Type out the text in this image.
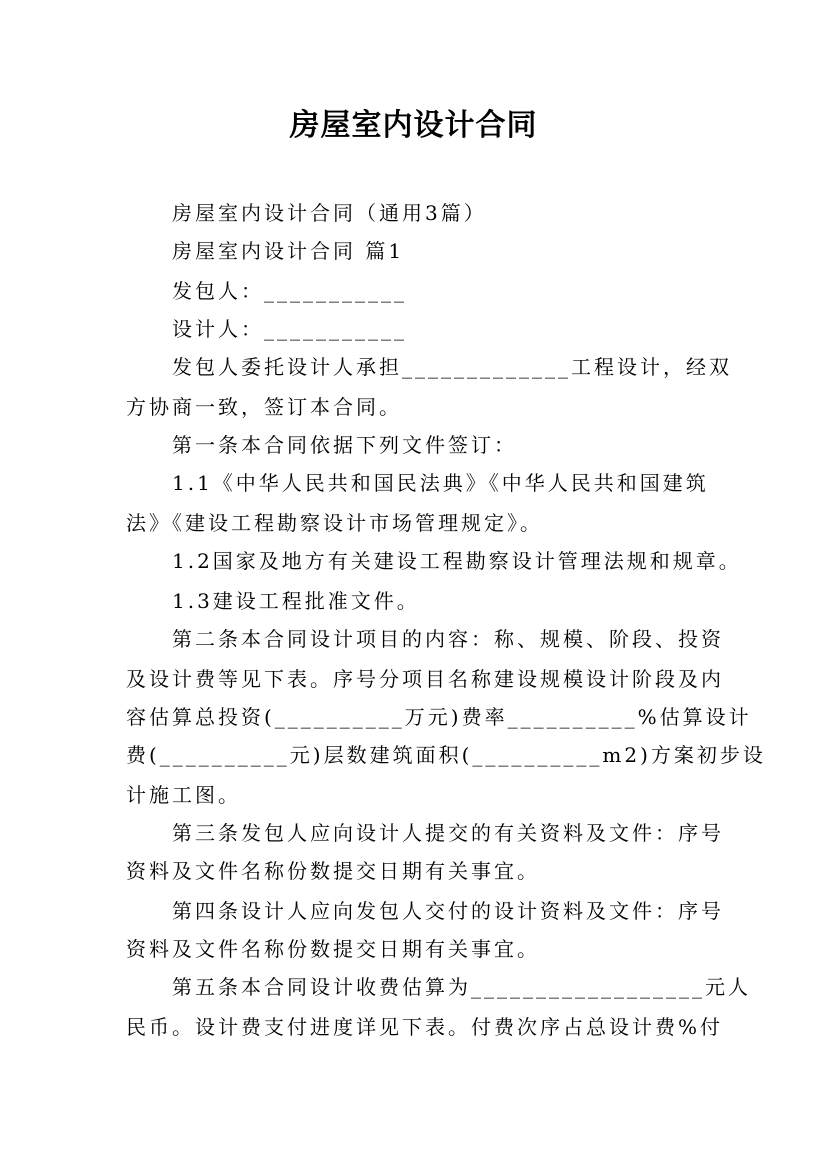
房屋室内设计合同
房屋室内设计合同（通用3篇）
房屋室内设计合同 篇1
发包人：___________
设计人：___________
发包人委托设计人承担_____________工程设计，经双
方协商一致，签订本合同。
第一条本合同依据下列文件签订：
1.1《中华人民共和国民法典》《中华人民共和国建筑
法》《建设工程勘察设计市场管理规定》。
1.2国家及地方有关建设工程勘察设计管理法规和规章。
1.3建设工程批准文件。
第二条本合同设计项目的内容：称、规模、阶段、投资
及设计费等见下表。序号分项目名称建设规模设计阶段及内
容估算总投资(__________万元)费率__________%估算设计
费(__________元)层数建筑面积(__________m2)方案初步设
计施工图。
第三条发包人应向设计人提交的有关资料及文件：序号
资料及文件名称份数提交日期有关事宜。
第四条设计人应向发包人交付的设计资料及文件：序号
资料及文件名称份数提交日期有关事宜。
第五条本合同设计收费估算为__________________元人
民币。设计费支付进度详见下表。付费次序占总设计费%付
